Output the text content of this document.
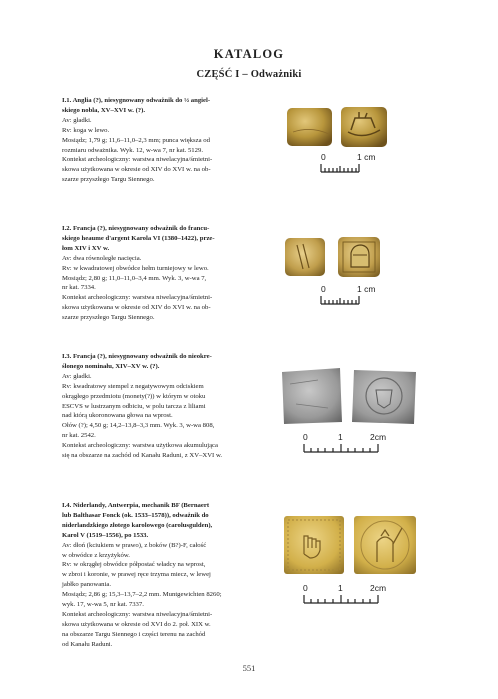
KATALOG
CZĘŚĆ I – Odważniki
I.1. Anglia (?), niesygnowany odważnik do ½ angiel-
skiego nobla, XV–XVI w. (?).
Av: gładki.
Rv: koga w lewo.
Mosiądz; 1,79 g; 11,6–11,0–2,3 mm; punca większa od
rozmiaru odważnika. Wyk. 12, w-wa 7, nr kat. 5129.
Kontekst archeologiczny: warstwa niwelacyjna/śmietni-
skowa użytkowana w okresie od XIV do XVI w. na ob-
szarze przyszłego Targu Siennego.
I.2. Francja (?), niesygnowany odważnik do francu-
skiego heaume d'argent Karola VI (1380–1422), prze-
łom XIV i XV w.
Av: dwa równoległe nacięcia.
Rv: w kwadratowej obwódce hełm turniejowy w lewo.
Mosiądz; 2,80 g; 11,0–11,0–3,4 mm. Wyk. 3, w-wa 7,
nr kat. 7334.
Kontekst archeologiczny: warstwa niwelacyjna/śmietni-
skowa użytkowana w okresie od XIV do XVI w. na ob-
szarze przyszłego Targu Siennego.
I.3. Francja (?), niesygnowany odważnik do nieokre-
ślonego nominału, XIV–XV w. (?).
Av: gładki.
Rv: kwadratowy stempel z negatywowym odciskiem
okrągłego przedmiotu (monety(?)) w którym w otoku
ESCVS w lustrzanym odbiciu, w polu tarcza z liliami
nad którą ukoronowana głowa na wprost.
Ołów (?); 4,50 g; 14,2–13,8–3,3 mm. Wyk. 3, w-wa 808,
nr kat. 2542.
Kontekst archeologiczny: warstwa użytkowa akumulująca
się na obszarze na zachód od Kanału Raduni, z XV–XVI w.
I.4. Niderlandy, Antwerpia, mechanik BF (Bernaert
lub Balthasar Fonck (ok. 1533–1578)), odważnik do
niderlandzkiego złotego karolowego (carolusgulden),
Karol V (1519–1556), po 1533.
Av: dłoń (kciukiem w prawo), z boków (B?)-F, całość
w obwódce z krzyżyków.
Rv: w okrągłej obwódce półpostać władcy na wprost,
w zbroi i koronie, w prawej ręce trzyma miecz, w lewej
jabłko panowania.
Mosiądz; 2,86 g; 15,3–13,7–2,2 mm. Muntgewichten 8260;
wyk. 17, w-wa 5, nr kat. 7337.
Kontekst archeologiczny: warstwa niwelacyjna/śmietni-
skowa użytkowana w okresie od XVI do 2. poł. XIX w.
na obszarze Targu Siennego i części terenu na zachód
od Kanału Raduni.
0	1 cm
0	1 cm
0	1	2cm
0	1	2cm
551
